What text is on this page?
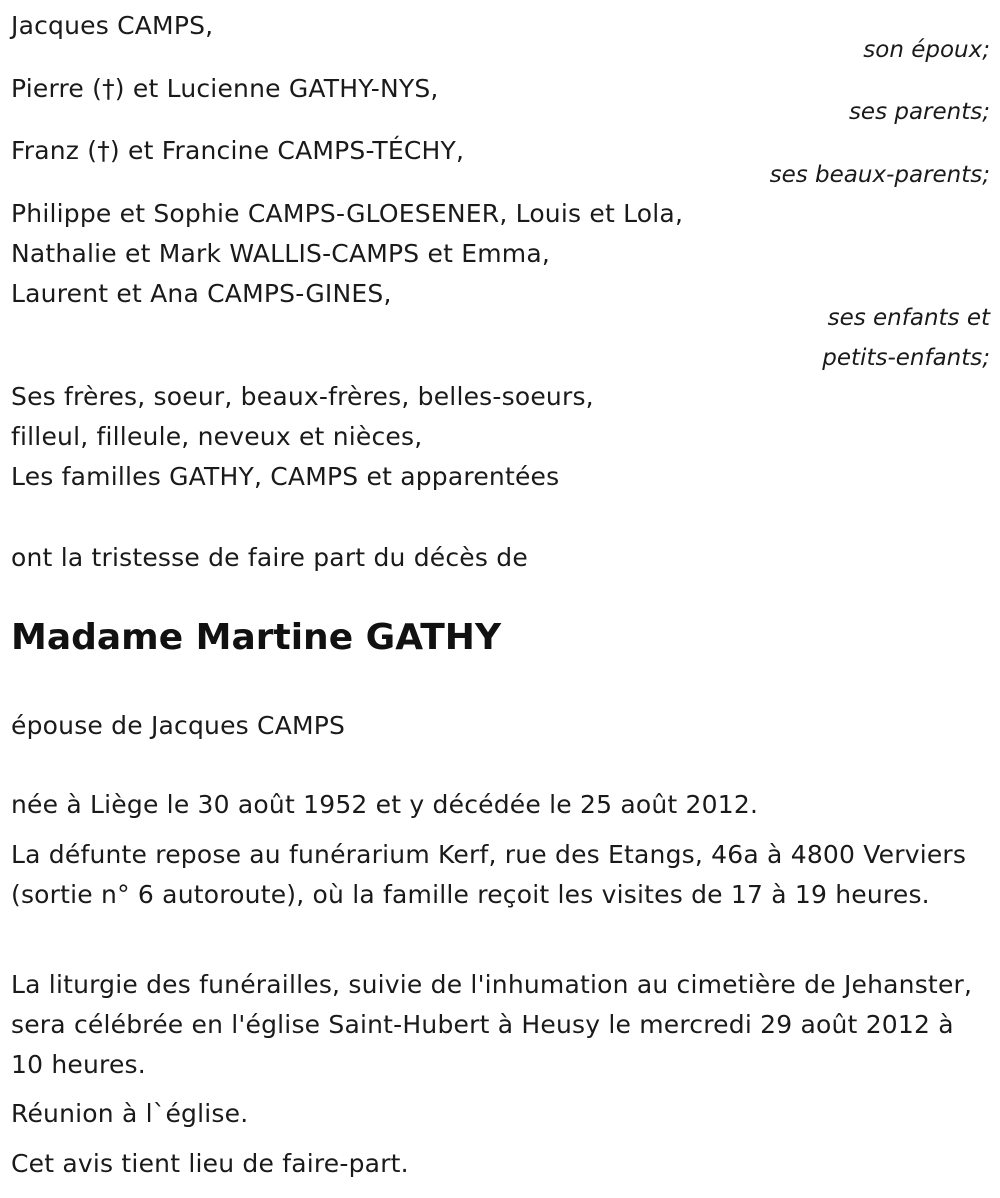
Jacques CAMPS,
son époux;
Pierre (†) et Lucienne GATHY-NYS,
ses parents;
Franz (†) et Francine CAMPS-TÉCHY,
ses beaux-parents;
Philippe et Sophie CAMPS-GLOESENER, Louis et Lola,
Nathalie et Mark WALLIS-CAMPS et Emma,
Laurent et Ana CAMPS-GINES,
ses enfants et
petits-enfants;
Ses frères, soeur, beaux-frères, belles-soeurs,
filleul, filleule, neveux et nièces,
Les familles GATHY, CAMPS et apparentées
ont la tristesse de faire part du décès de
Madame Martine GATHY
épouse de Jacques CAMPS
née à Liège le 30 août 1952 et y décédée le 25 août 2012.
La défunte repose au funérarium Kerf, rue des Etangs, 46a à 4800 Verviers (sortie n° 6 autoroute), où la famille reçoit les visites de 17 à 19 heures.
La liturgie des funérailles, suivie de l'inhumation au cimetière de Jehanster, sera célébrée en l'église Saint-Hubert à Heusy le mercredi 29 août 2012 à 10 heures.
Réunion à l`église.
Cet avis tient lieu de faire-part.
